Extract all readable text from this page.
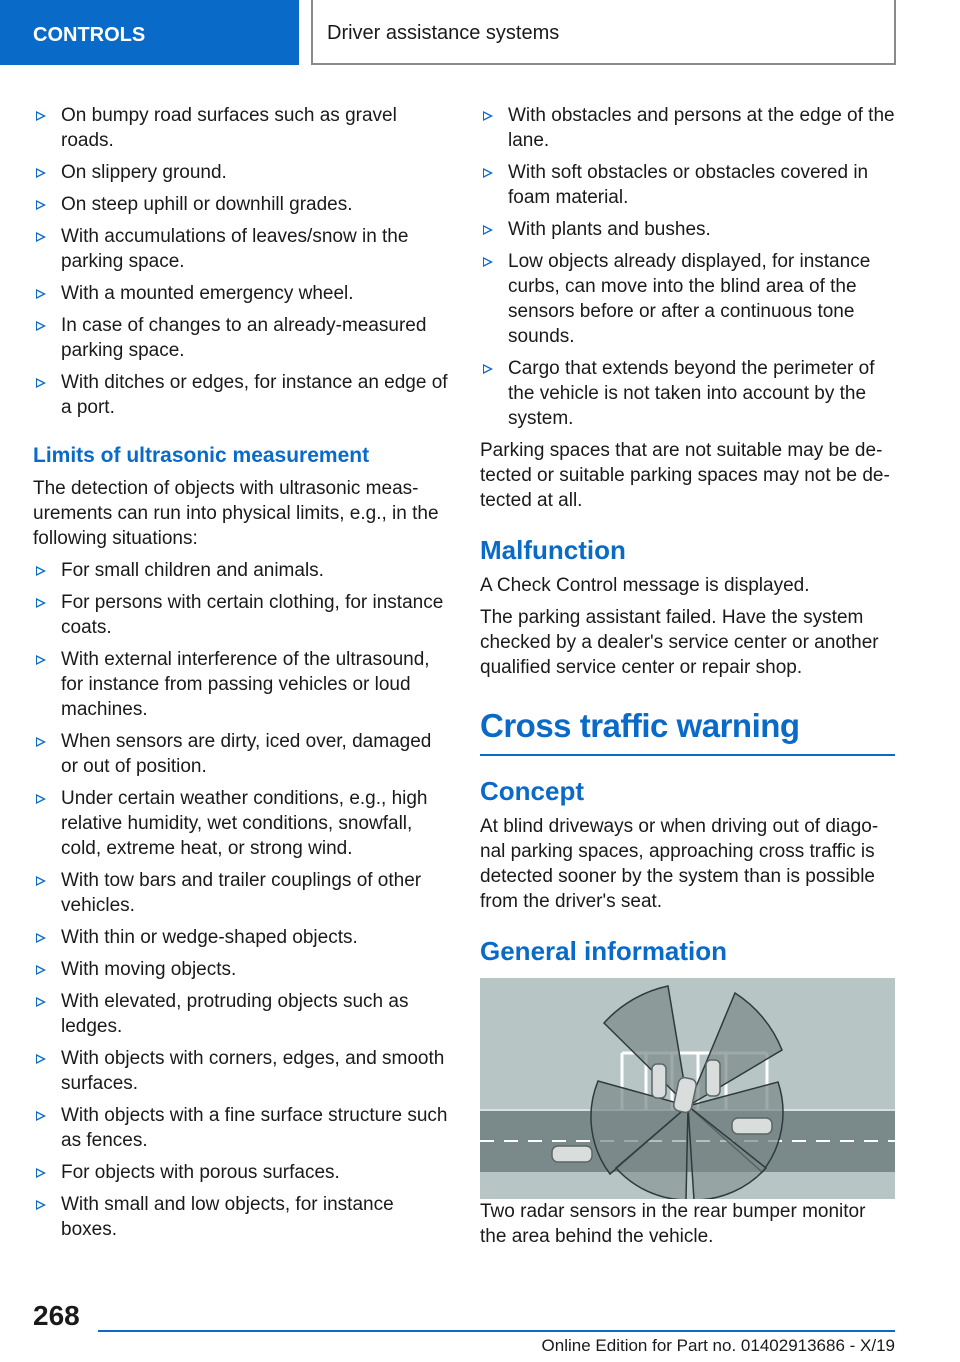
CONTROLS	Driver assistance systems
On bumpy road surfaces such as gravel roads.
On slippery ground.
On steep uphill or downhill grades.
With accumulations of leaves/snow in the parking space.
With a mounted emergency wheel.
In case of changes to an already-measured parking space.
With ditches or edges, for instance an edge of a port.
Limits of ultrasonic measurement

The detection of objects with ultrasonic meas-urements can run into physical limits, e.g., in the following situations:

For small children and animals.
For persons with certain clothing, for instance coats.
With external interference of the ultrasound, for instance from passing vehicles or loud machines.
When sensors are dirty, iced over, damaged or out of position.
Under certain weather conditions, e.g., high relative humidity, wet conditions, snowfall, cold, extreme heat, or strong wind.
With tow bars and trailer couplings of other vehicles.
With thin or wedge-shaped objects.
With moving objects.
With elevated, protruding objects such as ledges.
With objects with corners, edges, and smooth surfaces.
With objects with a fine surface structure such as fences.
For objects with porous surfaces.
With small and low objects, for instance boxes.
With obstacles and persons at the edge of the lane.
With soft obstacles or obstacles covered in foam material.
With plants and bushes.
Low objects already displayed, for instance curbs, can move into the blind area of the sensors before or after a continuous tone sounds.
Cargo that extends beyond the perimeter of the vehicle is not taken into account by the system.

Parking spaces that are not suitable may be de-tected or suitable parking spaces may not be de-tected at all.

Malfunction

A Check Control message is displayed.

The parking assistant failed. Have the system checked by a dealer's service center or another qualified service center or repair shop.

Cross traffic warning
Concept

At blind driveways or when driving out of diago-nal parking spaces, approaching cross traffic is detected sooner by the system than is possible from the driver's seat.

General information

Two radar sensors in the rear bumper monitor the area behind the vehicle.

268
Online Edition for Part no. 01402913686 - X/19
